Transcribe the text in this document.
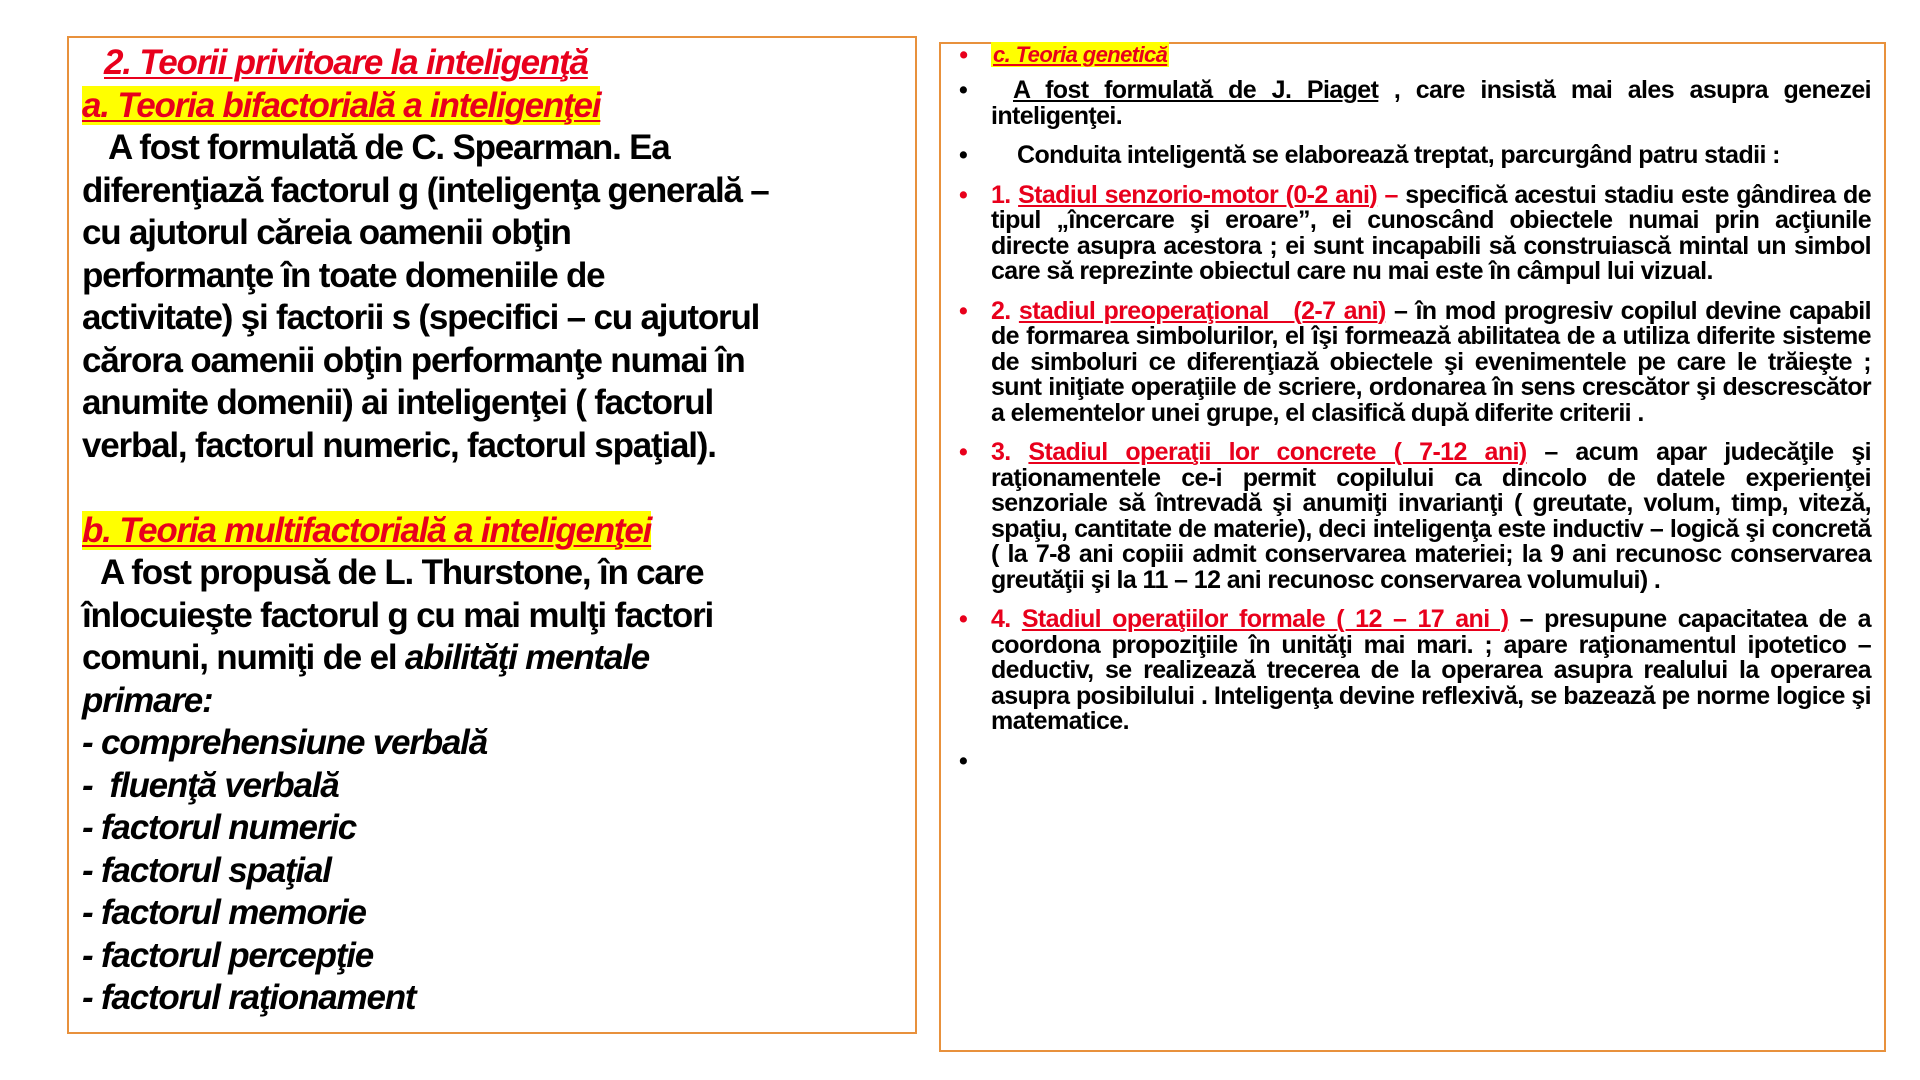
2. Teorii privitoare la inteligenţă
a. Teoria bifactorială a inteligenţei
A fost formulată de C. Spearman. Ea
diferenţiază factorul g (inteligenţa generală –
cu ajutorul căreia oamenii obţin
performanţe în toate domeniile de
activitate) şi factorii s (specifici – cu ajutorul
cărora oamenii obţin performanţe numai în
anumite domenii) ai inteligenţei ( factorul
verbal, factorul numeric, factorul spaţial).
b. Teoria multifactorială a inteligenţei
A fost propusă de L. Thurstone, în care
înlocuieşte factorul g cu mai mulţi factori
comuni, numiţi de el abilităţi mentale
primare:
- comprehensiune verbală
-  fluenţă verbală
- factorul numeric
- factorul spaţial
- factorul memorie
- factorul percepţie
- factorul raţionament
• c. Teoria genetică
• A fost formulată de J. Piaget , care insistă mai ales asupra genezei inteligenţei.
• Conduita inteligentă se elaborează treptat, parcurgând patru stadii :
• 1. Stadiul senzorio-motor (0-2 ani) – specifică acestui stadiu este gândirea de tipul „încercare şi eroare”, ei cunoscând obiectele numai prin acţiunile directe asupra acestora ; ei sunt incapabili să construiască mintal un simbol care să reprezinte obiectul care nu mai este în câmpul lui vizual.
• 2. stadiul preoperaţional   (2-7 ani) – în mod progresiv copilul devine capabil de formarea simbolurilor, el îşi formează abilitatea de a utiliza diferite sisteme de simboluri ce diferenţiază obiectele şi evenimentele pe care le trăieşte ; sunt iniţiate operaţiile de scriere, ordonarea în sens crescător şi descrescător a elementelor unei grupe, el clasifică după diferite criterii .
• 3. Stadiul operaţii lor concrete ( 7-12 ani) – acum apar judecăţile şi raţionamentele ce-i permit copilului ca dincolo de datele experienţei senzoriale să întrevadă şi anumiţi invarianţi ( greutate, volum, timp, viteză, spaţiu, cantitate de materie), deci inteligenţa este inductiv – logică şi concretă ( la 7-8 ani copiii admit conservarea materiei; la 9 ani recunosc conservarea greutăţii şi la 11 – 12 ani recunosc conservarea volumului) .
• 4. Stadiul operaţiilor formale ( 12 – 17 ani ) – presupune capacitatea de a coordona propoziţiile în unităţi mai mari. ; apare raţionamentul ipotetico –deductiv, se realizează trecerea de la operarea asupra realului la operarea asupra posibilului . Inteligenţa devine reflexivă, se bazează pe norme logice şi matematice.
•
